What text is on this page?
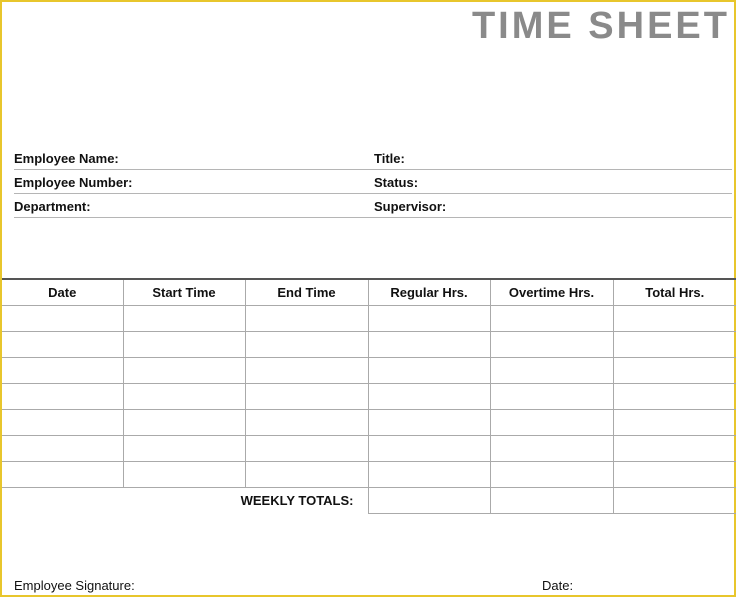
TIME SHEET
Employee Name:	Title:
Employee Number:	Status:
Department:	Supervisor:
Date	Start Time	End Time	Regular Hrs.	Overtime Hrs.	Total Hrs.

WEEKLY TOTALS:					
Employee Signature:	Date:
